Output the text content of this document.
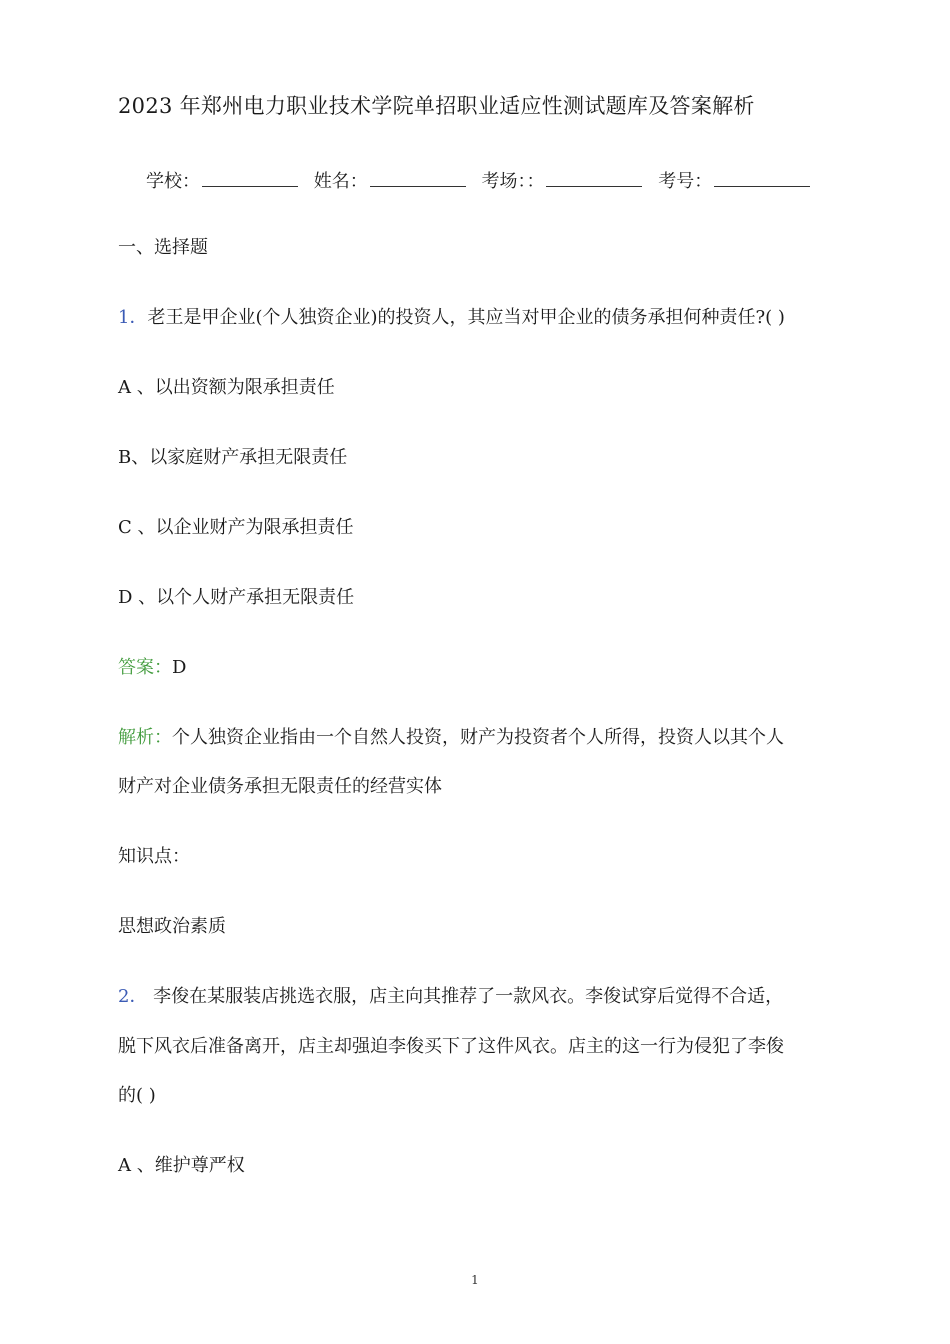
2023 年郑州电力职业技术学院单招职业适应性测试题库及答案解析
学校：	姓名：	考场：：	考号：
一、选择题
1．老王是甲企业(个人独资企业)的投资人，其应当对甲企业的债务承担何种责任?( )
A 、以出资额为限承担责任
B、以家庭财产承担无限责任
C 、以企业财产为限承担责任
D 、以个人财产承担无限责任
答案：D
解析：个人独资企业指由一个自然人投资，财产为投资者个人所得，投资人以其个人
财产对企业债务承担无限责任的经营实体
知识点：
思想政治素质
2． 李俊在某服装店挑选衣服，店主向其推荐了一款风衣。李俊试穿后觉得不合适，
脱下风衣后准备离开，店主却强迫李俊买下了这件风衣。店主的这一行为侵犯了李俊
的( )
A 、维护尊严权
1
